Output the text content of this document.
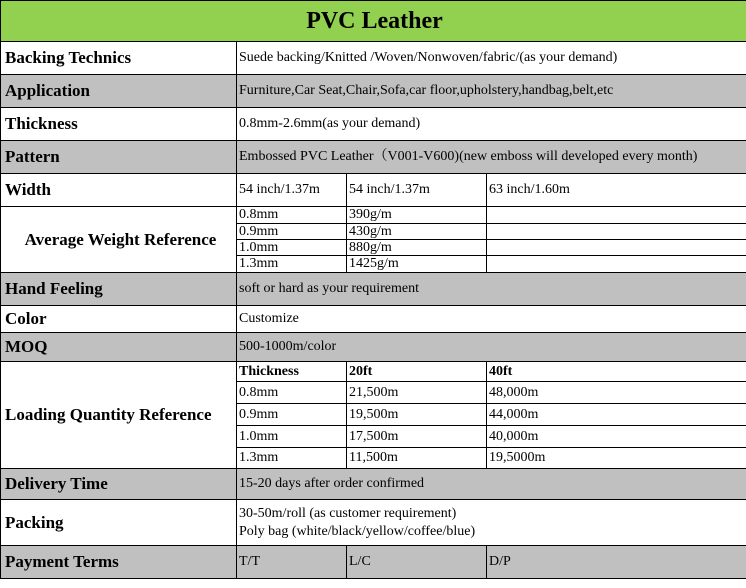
PVC Leather			
Backing Technics	Suede backing/Knitted /Woven/Nonwoven/fabric/(as your demand)		
Application	Furniture,Car Seat,Chair,Sofa,car floor,upholstery,handbag,belt,etc		
Thickness	0.8mm-2.6mm(as your demand)		
Pattern	Embossed PVC Leather（V001-V600)(new emboss will developed every month)		
Width	54 inch/1.37m	54 inch/1.37m	63 inch/1.60m
Average Weight Reference	0.8mm	390g/m	
	0.9mm	430g/m	
	1.0mm	880g/m	
	1.3mm	1425g/m	
Hand Feeling	soft or hard as your requirement		
Color	Customize		
MOQ	500-1000m/color		
Loading Quantity Reference	Thickness	20ft	40ft
	0.8mm	21,500m	48,000m
	0.9mm	19,500m	44,000m
	1.0mm	17,500m	40,000m
	1.3mm	11,500m	19,5000m
Delivery Time	15-20 days after order confirmed		
Packing	30-50m/roll (as customer requirement)
Poly bag (white/black/yellow/coffee/blue)		

Payment Terms	T/T	L/C	D/P
